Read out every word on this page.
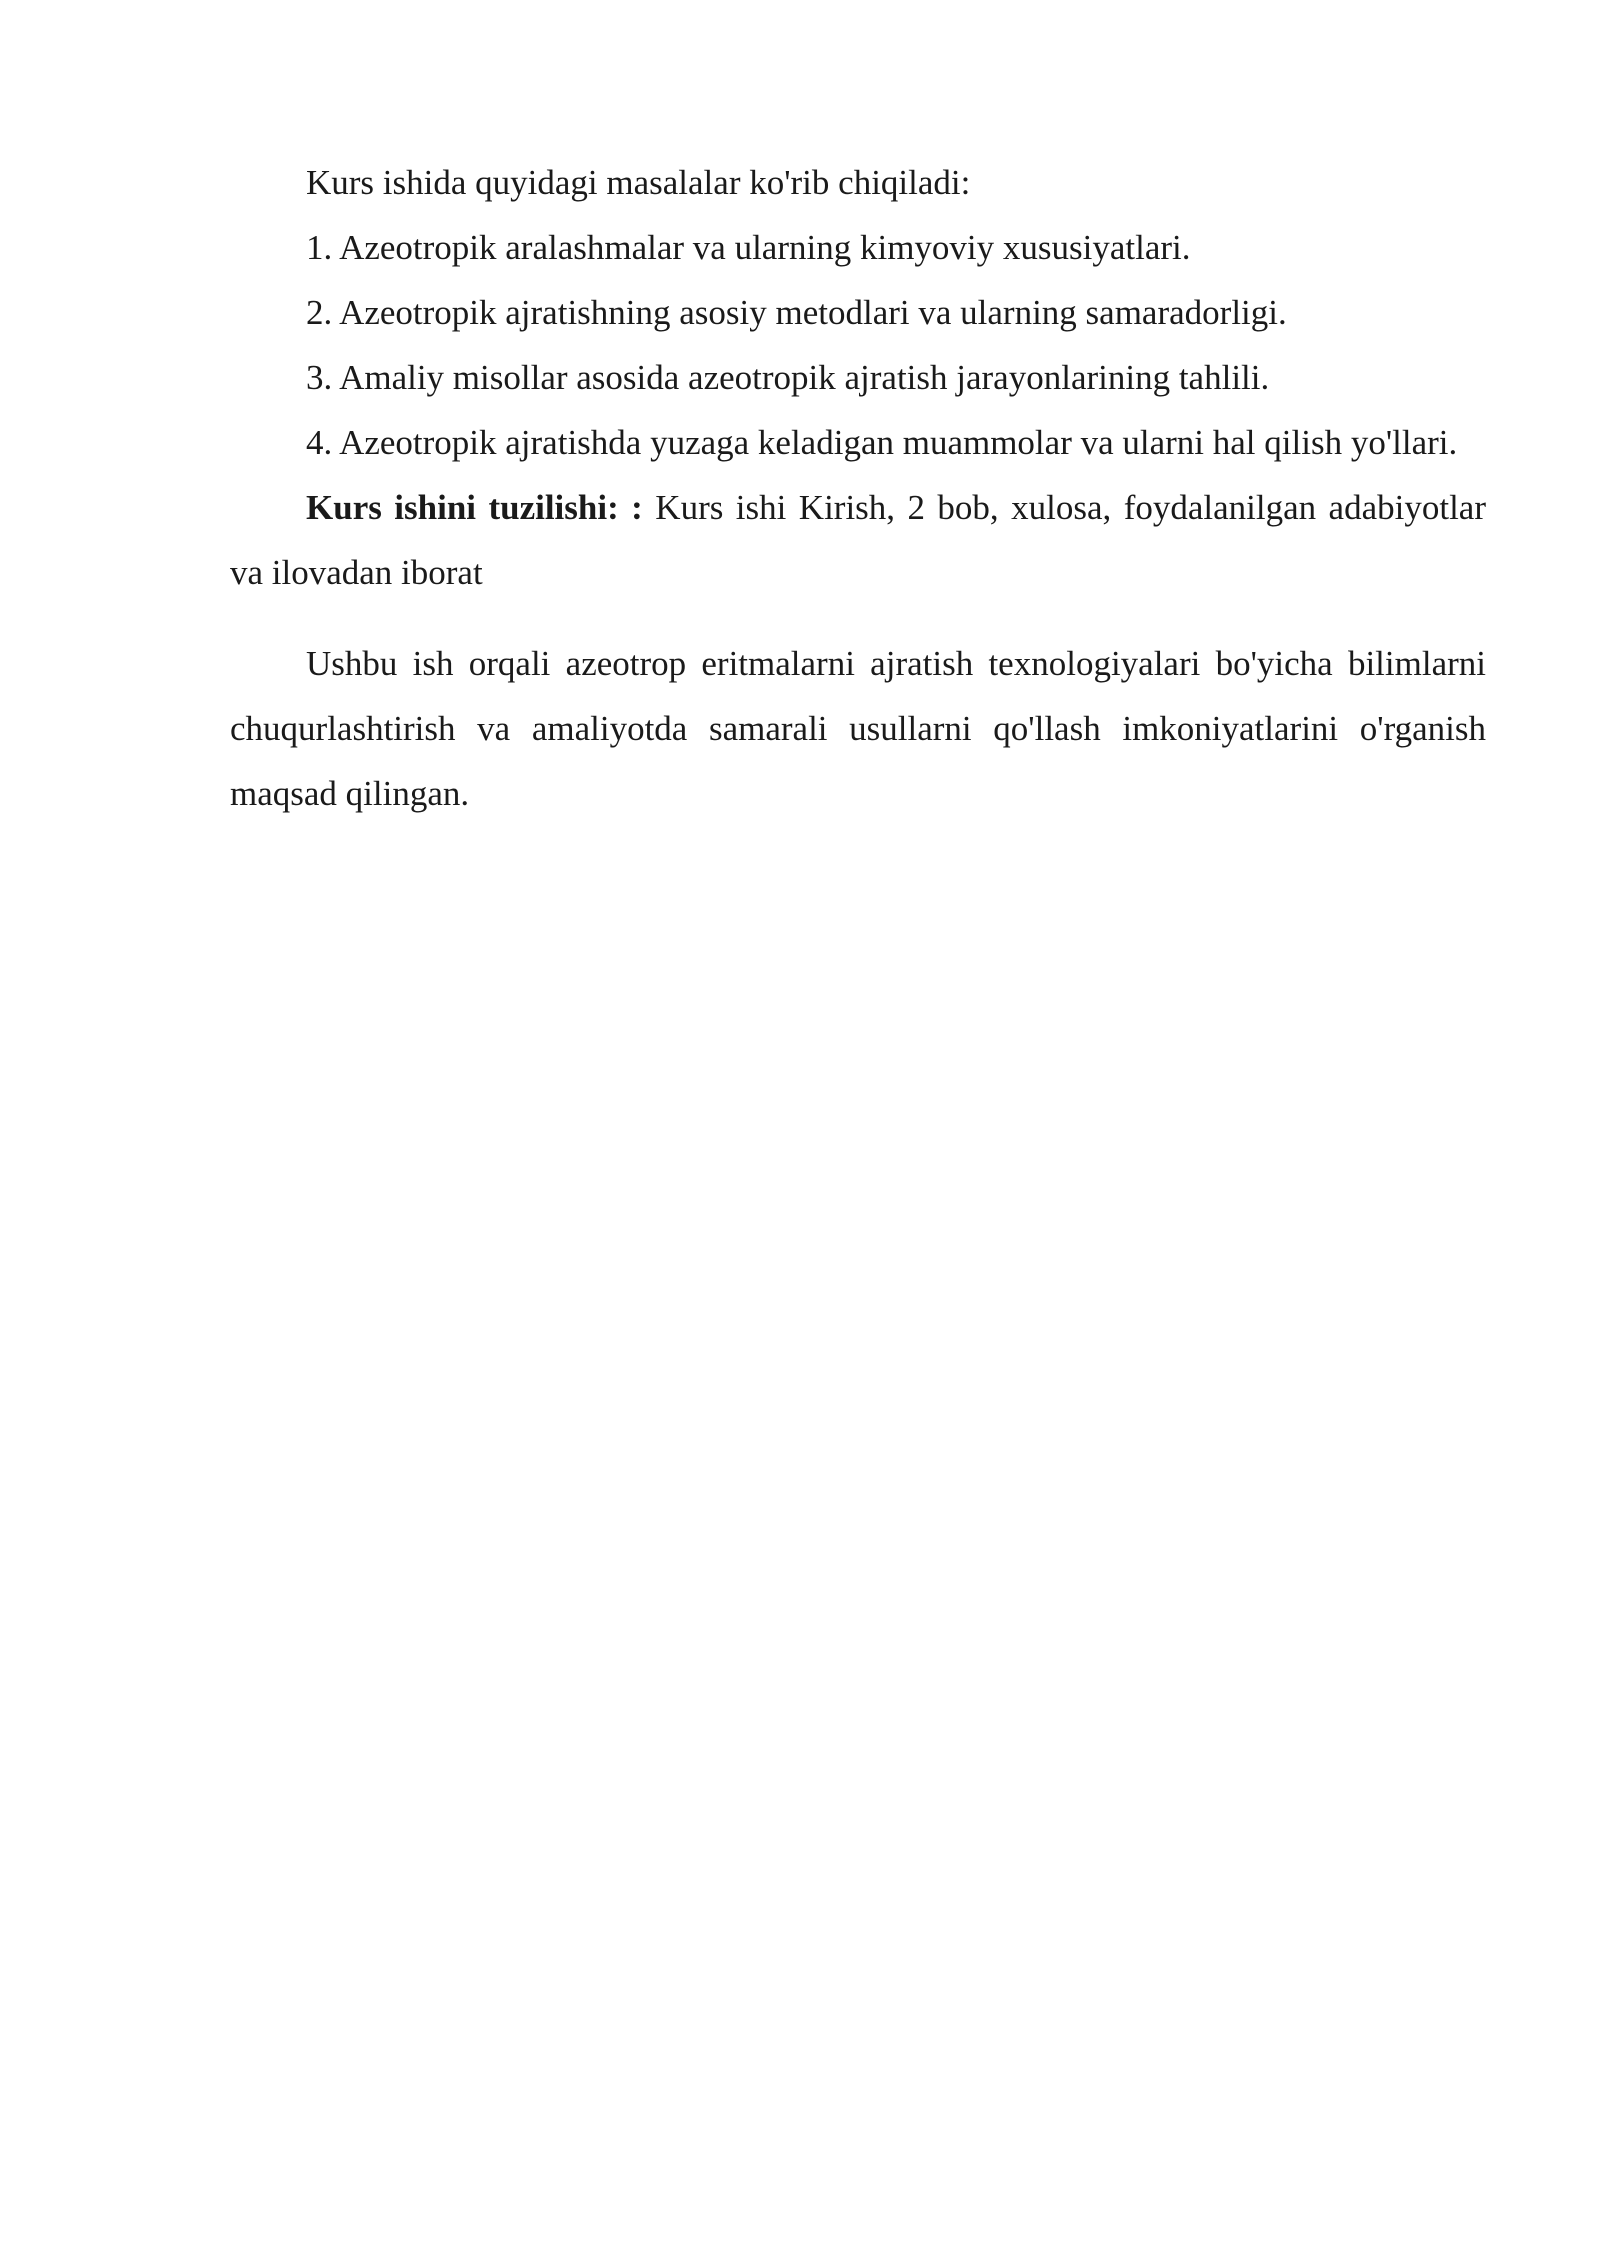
Kurs ishida quyidagi masalalar ko'rib chiqiladi:

1. Azeotropik aralashmalar va ularning kimyoviy xususiyatlari.

2. Azeotropik ajratishning asosiy metodlari va ularning samaradorligi.

3. Amaliy misollar asosida azeotropik ajratish jarayonlarining tahlili.

4. Azeotropik ajratishda yuzaga keladigan muammolar va ularni hal qilish yo'llari.

Kurs ishini tuzilishi: : Kurs ishi Kirish, 2 bob, xulosa, foydalanilgan adabiyotlar va ilovadan iborat

Ushbu ish orqali azeotrop eritmalarni ajratish texnologiyalari bo'yicha bilimlarni chuqurlashtirish va amaliyotda samarali usullarni qo'llash imkoniyatlarini o'rganish maqsad qilingan.
